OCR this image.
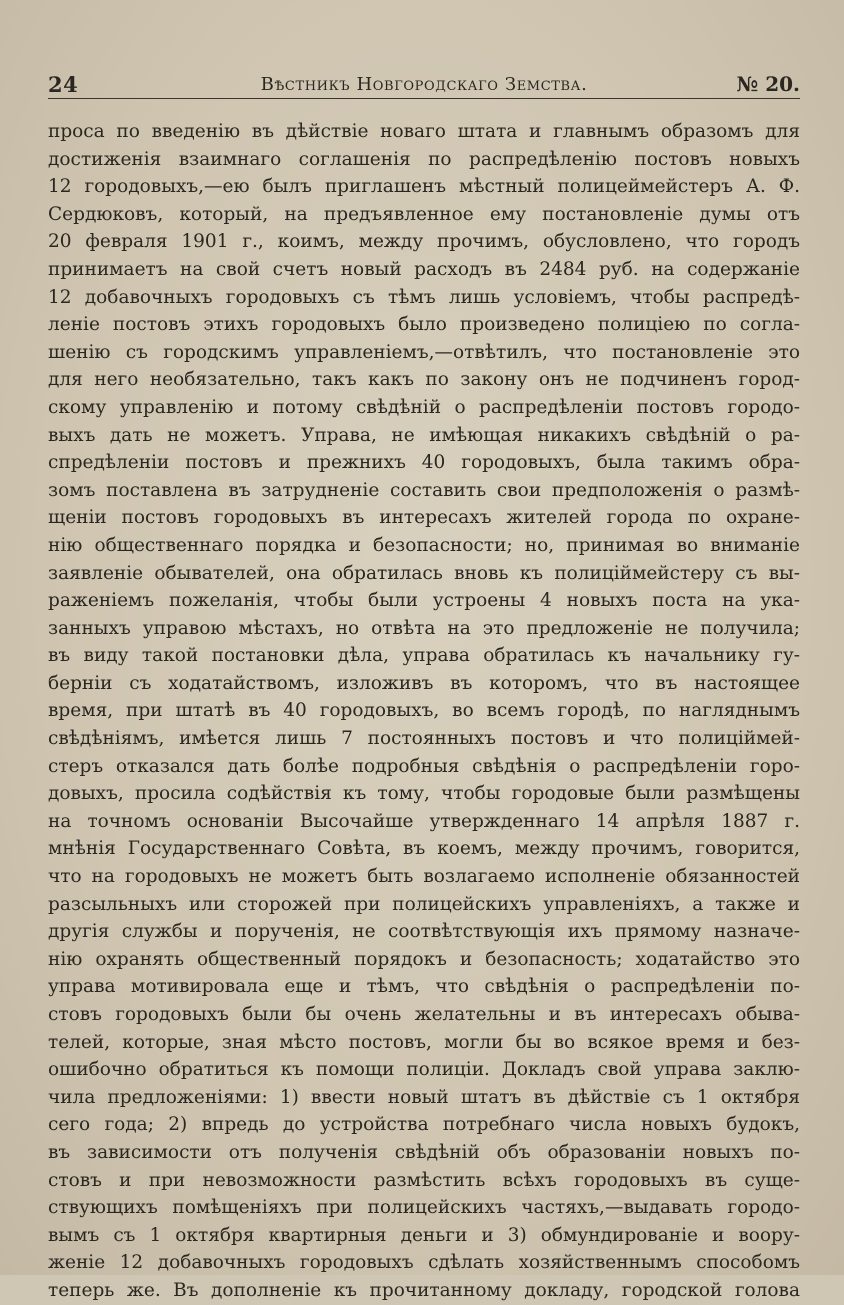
24	Вѣстникъ Новгородскаго Земства.	№ 20.
проса по введенію въ дѣйствіе новаго штата и главнымъ образомъ для
достиженія взаимнаго соглашенія по распредѣленію постовъ новыхъ
12 городовыхъ,—ею былъ приглашенъ мѣстный полицеймейстеръ А. Ф.
Сердюковъ, который, на предъявленное ему постановленіе думы отъ
20 февраля 1901 г., коимъ, между прочимъ, обусловлено, что городъ
принимаетъ на свой счетъ новый расходъ въ 2484 руб. на содержаніе
12 добавочныхъ городовыхъ съ тѣмъ лишь условіемъ, чтобы распредѣ-
леніе постовъ этихъ городовыхъ было произведено полиціею по согла-
шенію съ городскимъ управленіемъ,—отвѣтилъ, что постановленіе это
для него необязательно, такъ какъ по закону онъ не подчиненъ город-
скому управленію и потому свѣдѣній о распредѣленіи постовъ городо-
выхъ дать не можетъ. Управа, не имѣющая никакихъ свѣдѣній о ра-
спредѣленіи постовъ и прежнихъ 40 городовыхъ, была такимъ обра-
зомъ поставлена въ затрудненіе составить свои предположенія о размѣ-
щеніи постовъ городовыхъ въ интересахъ жителей города по охране-
нію общественнаго порядка и безопасности; но, принимая во вниманіе
заявленіе обывателей, она обратилась вновь къ полиціймейстеру съ вы-
раженіемъ пожеланія, чтобы были устроены 4 новыхъ поста на ука-
занныхъ управою мѣстахъ, но отвѣта на это предложеніе не получила;
въ виду такой постановки дѣла, управа обратилась къ начальнику гу-
берніи съ ходатайствомъ, изложивъ въ которомъ, что въ настоящее
время, при штатѣ въ 40 городовыхъ, во всемъ городѣ, по нагляднымъ
свѣдѣніямъ, имѣется лишь 7 постоянныхъ постовъ и что полиціймей-
стеръ отказался дать болѣе подробныя свѣдѣнія о распредѣленіи горо-
довыхъ, просила содѣйствія къ тому, чтобы городовые были размѣщены
на точномъ основаніи Высочайше утвержденнаго 14 апрѣля 1887 г.
мнѣнія Государственнаго Совѣта, въ коемъ, между прочимъ, говорится,
что на городовыхъ не можетъ быть возлагаемо исполненіе обязанностей
разсыльныхъ или сторожей при полицейскихъ управленіяхъ, а также и
другія службы и порученія, не соотвѣтствующія ихъ прямому назначе-
нію охранять общественный порядокъ и безопасность; ходатайство это
управа мотивировала еще и тѣмъ, что свѣдѣнія о распредѣленіи по-
стовъ городовыхъ были бы очень желательны и въ интересахъ обыва-
телей, которые, зная мѣсто постовъ, могли бы во всякое время и без-
ошибочно обратиться къ помощи полиціи. Докладъ свой управа заклю-
чила предложеніями: 1) ввести новый штатъ въ дѣйствіе съ 1 октября
сего года; 2) впредь до устройства потребнаго числа новыхъ будокъ,
въ зависимости отъ полученія свѣдѣній объ образованіи новыхъ по-
стовъ и при невозможности размѣстить всѣхъ городовыхъ въ суще-
ствующихъ помѣщеніяхъ при полицейскихъ частяхъ,—выдавать городо-
вымъ съ 1 октября квартирныя деньги и 3) обмундированіе и воору-
женіе 12 добавочныхъ городовыхъ сдѣлать хозяйственнымъ способомъ
теперь же. Въ дополненіе къ прочитанному докладу, городской голова
